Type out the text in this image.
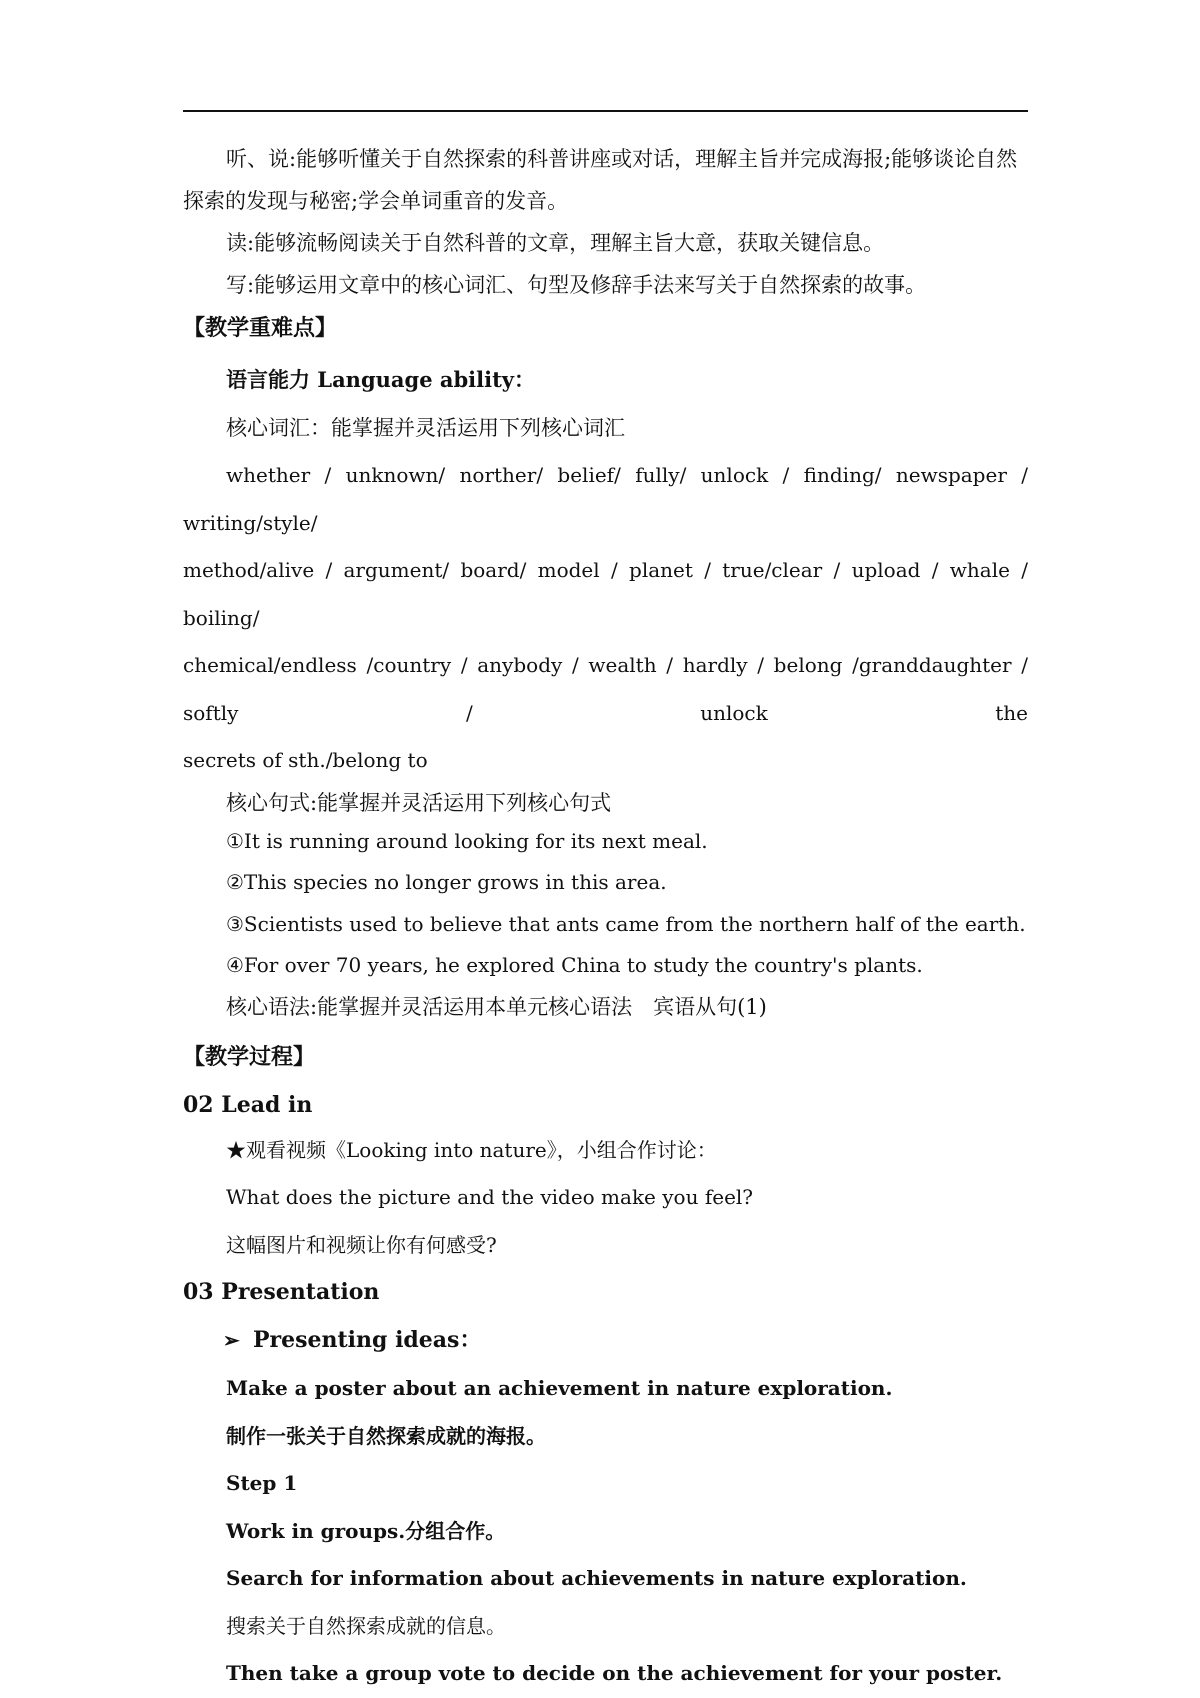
听、说:能够听懂关于自然探索的科普讲座或对话，理解主旨并完成海报;能够谈论自然

探索的发现与秘密;学会单词重音的发音。

读:能够流畅阅读关于自然科普的文章，理解主旨大意，获取关键信息。

写:能够运用文章中的核心词汇、句型及修辞手法来写关于自然探索的故事。

【教学重难点】

语言能力 Language ability：

核心词汇：能掌握并灵活运用下列核心词汇

whether / unknown/ norther/ belief/ fully/ unlock / finding/ newspaper / writing/style/

method/alive / argument/ board/ model / planet / true/clear / upload / whale / boiling/

chemical/endless /country / anybody / wealth / hardly / belong /granddaughter / softly / unlock the

secrets of sth./belong to

核心句式:能掌握并灵活运用下列核心句式

①It is running around looking for its next meal.

②This species no longer grows in this area.

③Scientists used to believe that ants came from the northern half of the earth.

④For over 70 years, he explored China to study the country's plants.

核心语法:能掌握并灵活运用本单元核心语法　宾语从句(1)

【教学过程】

02 Lead in

★观看视频《Looking into nature》，小组合作讨论：

What does the picture and the video make you feel?

这幅图片和视频让你有何感受?

03 Presentation

➢ Presenting ideas：

Make a poster about an achievement in nature exploration.

制作一张关于自然探索成就的海报。

Step 1

Work in groups.分组合作。

Search for information about achievements in nature exploration.

搜索关于自然探索成就的信息。

Then take a group vote to decide on the achievement for your poster.
